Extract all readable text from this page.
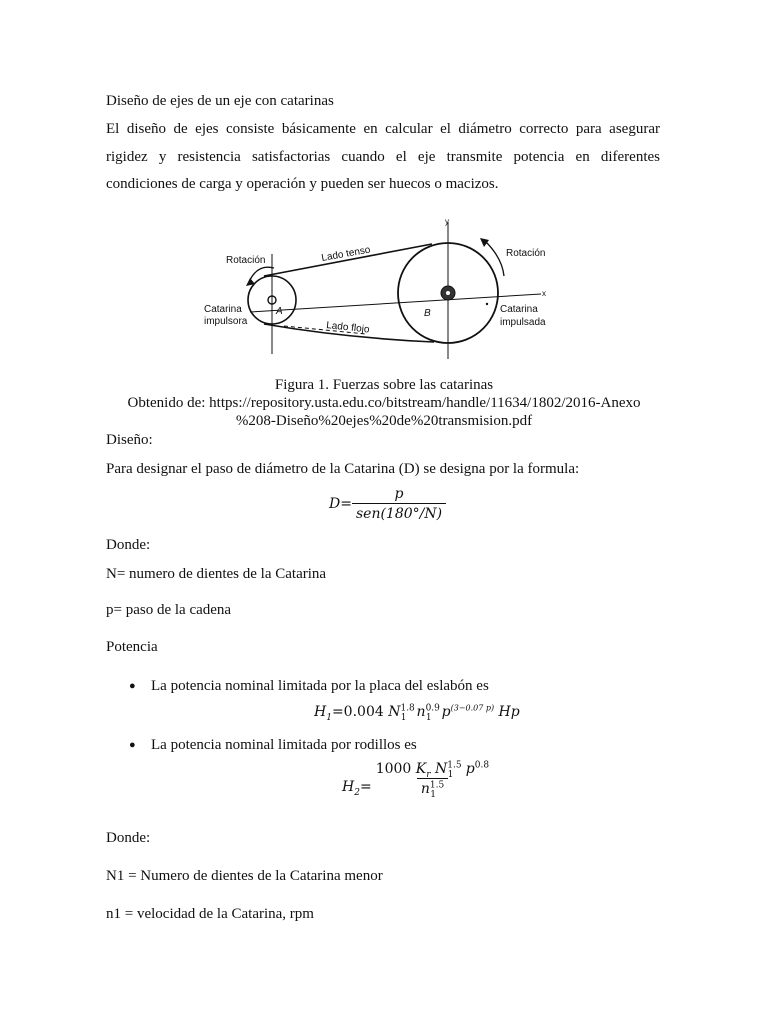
Diseño de ejes de un eje con catarinas

El diseño de ejes consiste básicamente en calcular el diámetro correcto para asegurar rigidez y resistencia satisfactorias cuando el eje transmite potencia en diferentes condiciones de carga y operación y pueden ser huecos o macizos.

y
x
Rotación	Lado tenso	Rotación
Catarina
impulsora
A
Lado flojo
B	Catarina
impulsada
Figura 1. Fuerzas sobre las catarinas
Obtenido de: https://repository.usta.edu.co/bitstream/handle/11634/1802/2016-Anexo
%208-Diseño%20ejes%20de%20transmision.pdf

Diseño:

Para designar el paso de diámetro de la Catarina (D) se designa por la formula:

$D= \frac{p}{\text{sen(180°/N)}}$

Donde:

N= numero de dientes de la Catarina

p= paso de la cadena

Potencia

● La potencia nominal limitada por la placa del eslabón es

$H_1=0.004$ $N^{1.8}_1$ $n^{0.9}_1$ $p^{(3-0.07 p)}$ Hp
● La potencia nominal limitada por rodillos es

$H_2= \frac{1000 K_r N^{1.5}_1 p^{0.8}}{n^{1.5}_1}$

Donde:

N1 = Numero de dientes de la Catarina menor

n1 = velocidad de la Catarina, rpm
